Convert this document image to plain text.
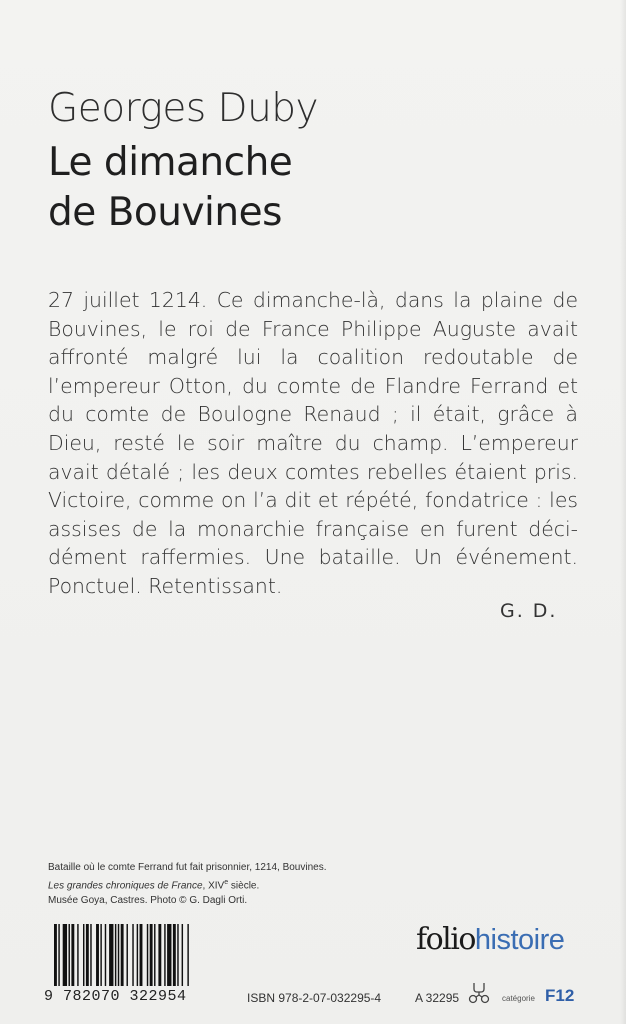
Georges Duby
Le dimanche
de Bouvines
27 juillet 1214. Ce dimanche-là, dans la plaine de
Bouvines, le roi de France Philippe Auguste avait
affronté malgré lui la coalition redoutable de
l’empereur Otton, du comte de Flandre Ferrand et
du comte de Boulogne Renaud ; il était, grâce à
Dieu, resté le soir maître du champ. L’empereur
avait détalé ; les deux comtes rebelles étaient pris.
Victoire, comme on l’a dit et répété, fondatrice : les
assises de la monarchie française en furent déci-
dément raffermies. Une bataille. Un événement.
Ponctuel. Retentissant.
G. D.
Bataille où le comte Ferrand fut fait prisonnier, 1214, Bouvines.
Les grandes chroniques de France, XIVe siècle.
Musée Goya, Castres. Photo © G. Dagli Orti.
foliohistoire
9 782070 322954	ISBN 978-2-07-032295-4	A 32295	catégorie F12
